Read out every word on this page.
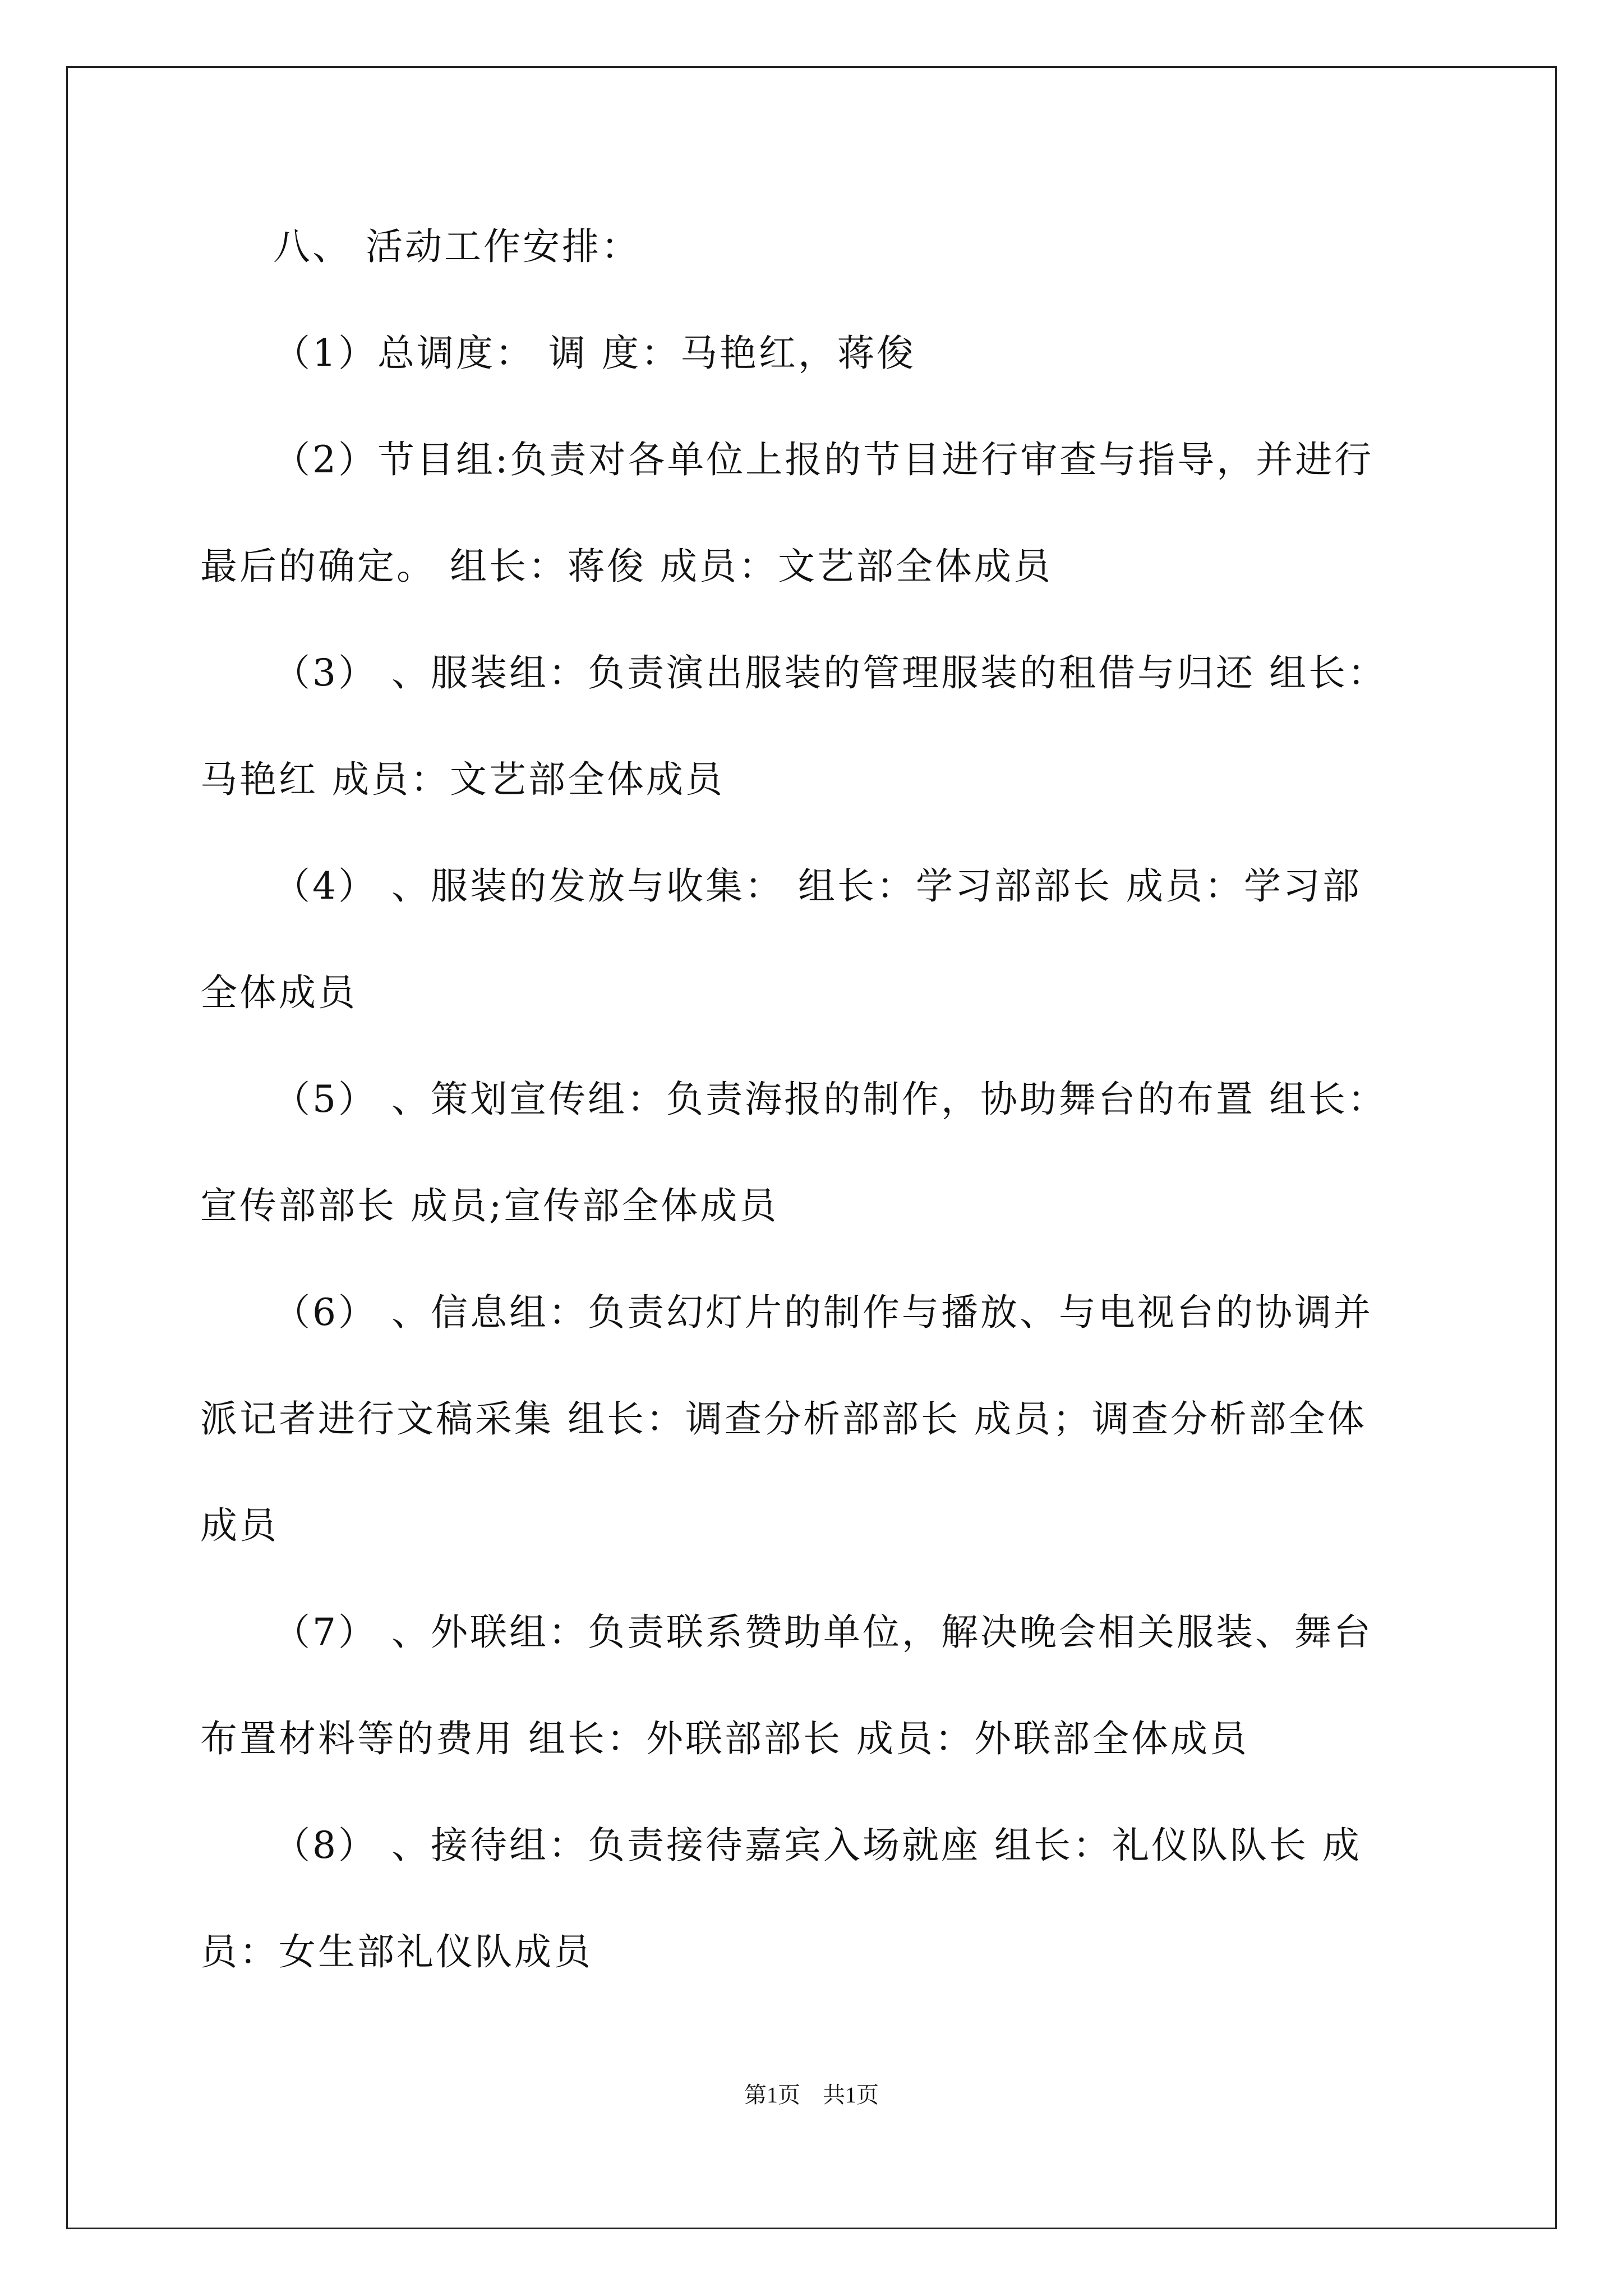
八、 活动工作安排：
（1）总调度： 调 度：马艳红，蒋俊
（2）节目组:负责对各单位上报的节目进行审查与指导，并进行
最后的确定。 组长：蒋俊 成员：文艺部全体成员
（3） 、服装组：负责演出服装的管理服装的租借与归还 组长：
马艳红 成员：文艺部全体成员
（4） 、服装的发放与收集： 组长：学习部部长 成员：学习部
全体成员
（5） 、策划宣传组：负责海报的制作，协助舞台的布置 组长：
宣传部部长 成员;宣传部全体成员
（6） 、信息组：负责幻灯片的制作与播放、与电视台的协调并
派记者进行文稿采集 组长：调查分析部部长 成员；调查分析部全体
成员
（7） 、外联组：负责联系赞助单位，解决晚会相关服装、舞台
布置材料等的费用 组长：外联部部长 成员：外联部全体成员
（8） 、接待组：负责接待嘉宾入场就座 组长：礼仪队队长 成
员：女生部礼仪队成员
第1页　共1页
